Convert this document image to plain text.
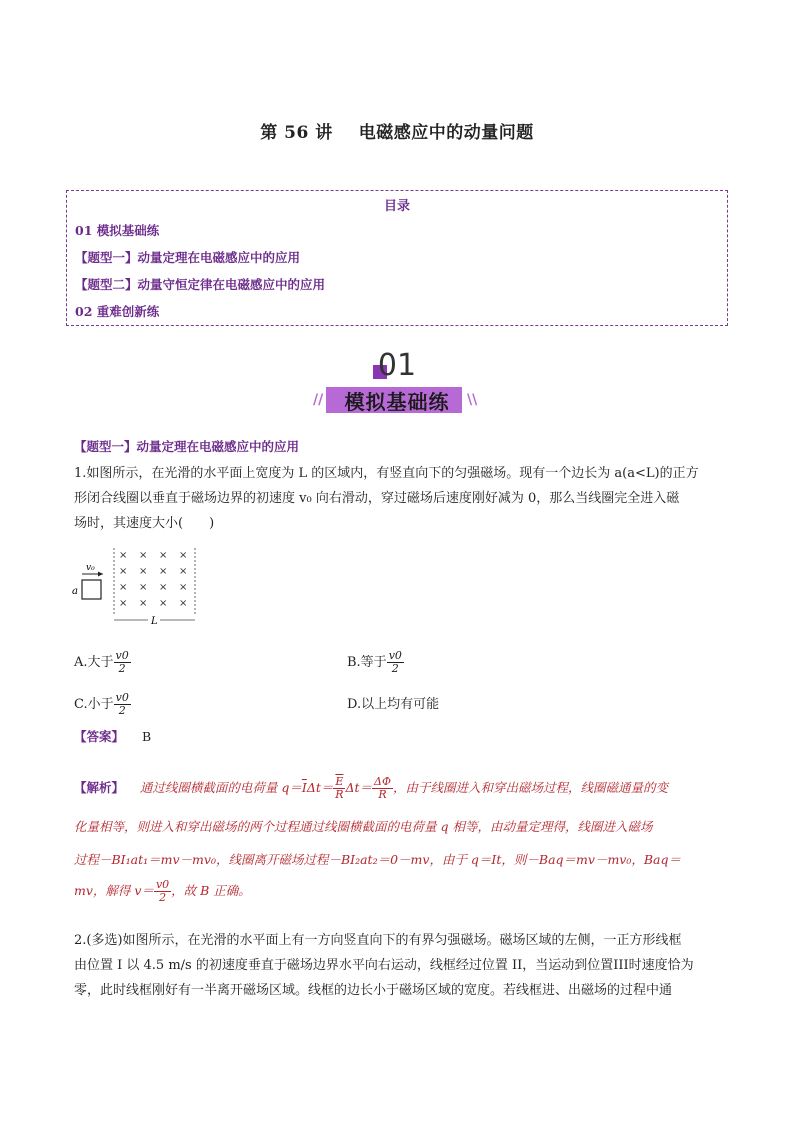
第 56 讲 电磁感应中的动量问题
目录
01 模拟基础练
【题型一】动量定理在电磁感应中的应用
【题型二】动量守恒定律在电磁感应中的应用
02 重难创新练
01
模拟基础练
//	\\
【题型一】动量定理在电磁感应中的应用
1.如图所示，在光滑的水平面上宽度为 L 的区域内，有竖直向下的匀强磁场。现有一个边长为 a(a<L)的正方
形闭合线圈以垂直于磁场边界的初速度 v₀ 向右滑动，穿过磁场后速度刚好减为 0，那么当线圈完全进入磁
场时，其速度大小(　　)
× × × ×
× × × ×
× × × ×
× × × ×
v₀
a
L
A.大于 $\frac{v0}{2}$	B.等于 $\frac{v0}{2}$
C.小于 $\frac{v0}{2}$	D.以上均有可能
【答案】 B
【解析】 通过线圈横截面的电荷量 $q=\overline{I}\Delta t= \frac{\overline{E}}{R} \Delta t= \frac{\Delta\Phi}{R}$ ，由于线圈进入和穿出磁场过程，线圈磁通量的变
化量相等，则进入和穿出磁场的两个过程通过线圈横截面的电荷量 q 相等，由动量定理得，线圈进入磁场
过程－BI₁at₁＝mv－mv₀，线圈离开磁场过程－BI₂at₂＝0－mv，由于 q＝It，则－Baq＝mv－mv₀，Baq＝
mv，解得 $v= \frac{v0}{2}$ ，故 B 正确。
2.(多选)如图所示，在光滑的水平面上有一方向竖直向下的有界匀强磁场。磁场区域的左侧，一正方形线框
由位置 I 以 4.5 m/s 的初速度垂直于磁场边界水平向右运动，线框经过位置 II，当运动到位置III时速度恰为
零，此时线框刚好有一半离开磁场区域。线框的边长小于磁场区域的宽度。若线框进、出磁场的过程中通
